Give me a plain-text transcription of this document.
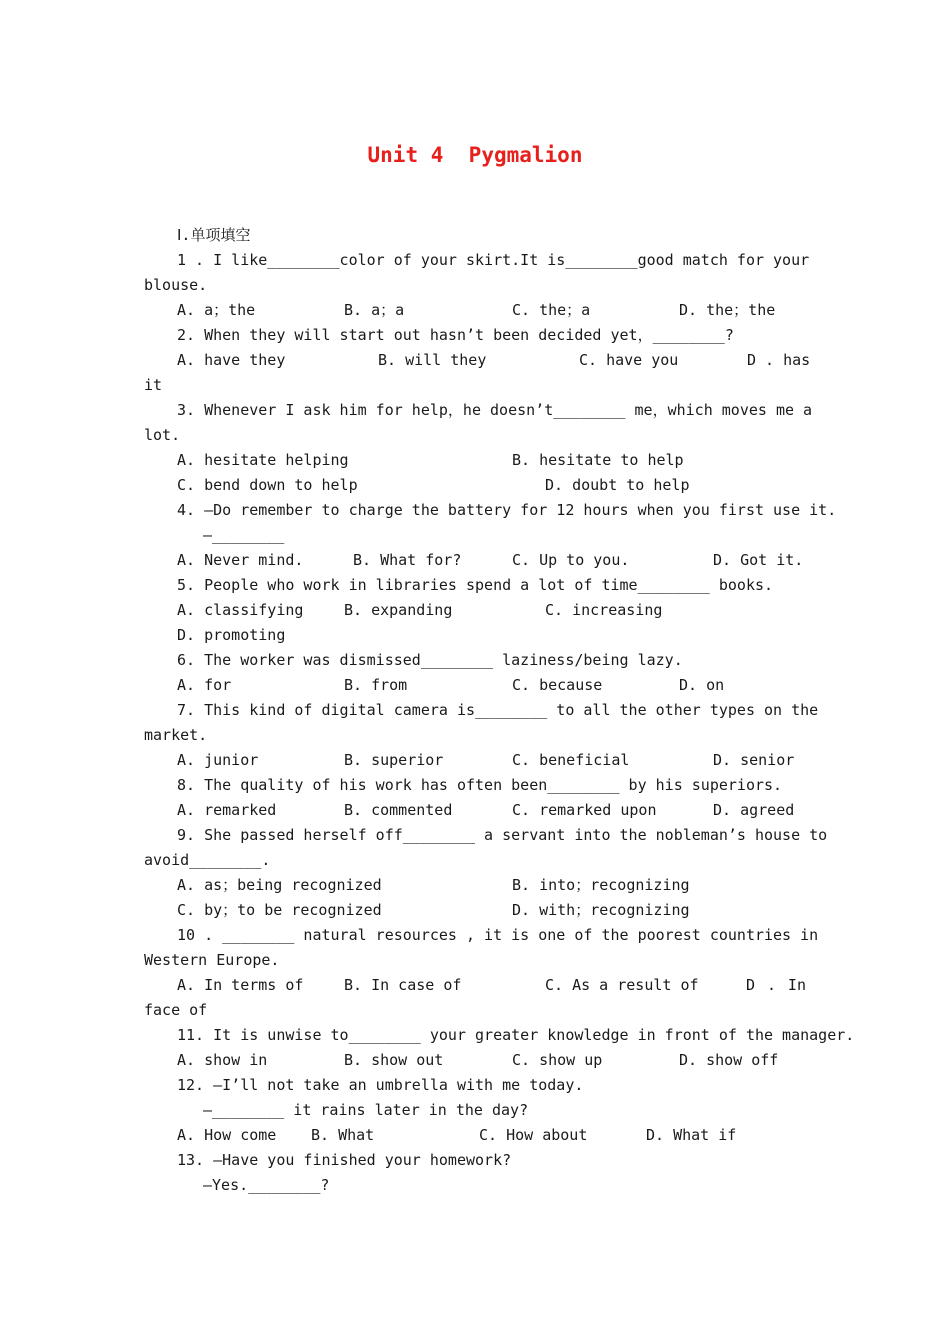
Unit 4 Pygmalion
Ⅰ.单项填空
1 . I like________color of your skirt.It is________good match for your
blouse.
A. a；the	B. a；a	C. the；a	D. the；the
2. When they will start out hasn’t been decided yet，________?
A. have they	B. will they	C. have you	D . has
it
3. Whenever I ask him for help，he doesn’t________ me，which moves me a
lot.
A. hesitate helping	B. hesitate to help
C. bend down to help	D. doubt to help
4. —Do remember to charge the battery for 12 hours when you first use it.
—________
A. Never mind.	B. What for?	C. Up to you.	D. Got it.
5. People who work in libraries spend a lot of time________ books.
A. classifying	B. expanding	C. increasing
D. promoting
6. The worker was dismissed________ laziness/being lazy.
A. for	B. from	C. because	D. on
7. This kind of digital camera is________ to all the other types on the
market.
A. junior	B. superior	C. beneficial	D. senior
8. The quality of his work has often been________ by his superiors.
A. remarked	B. commented	C. remarked upon	D. agreed
9. She passed herself off________ a servant into the nobleman’s house to
avoid________.
A. as；being recognized	B. into；recognizing
C. by；to be recognized	D. with；recognizing
10 . ________ natural resources , it is one of the poorest countries in
Western Europe.
A. In terms of	B. In case of	C. As a result of	D . In
face of
11. It is unwise to________ your greater knowledge in front of the manager.
A. show in	B. show out	C. show up	D. show off
12. —I’ll not take an umbrella with me today.
—________ it rains later in the day?
A. How come	B. What	C. How about	D. What if
13. —Have you finished your homework?
—Yes.________?
